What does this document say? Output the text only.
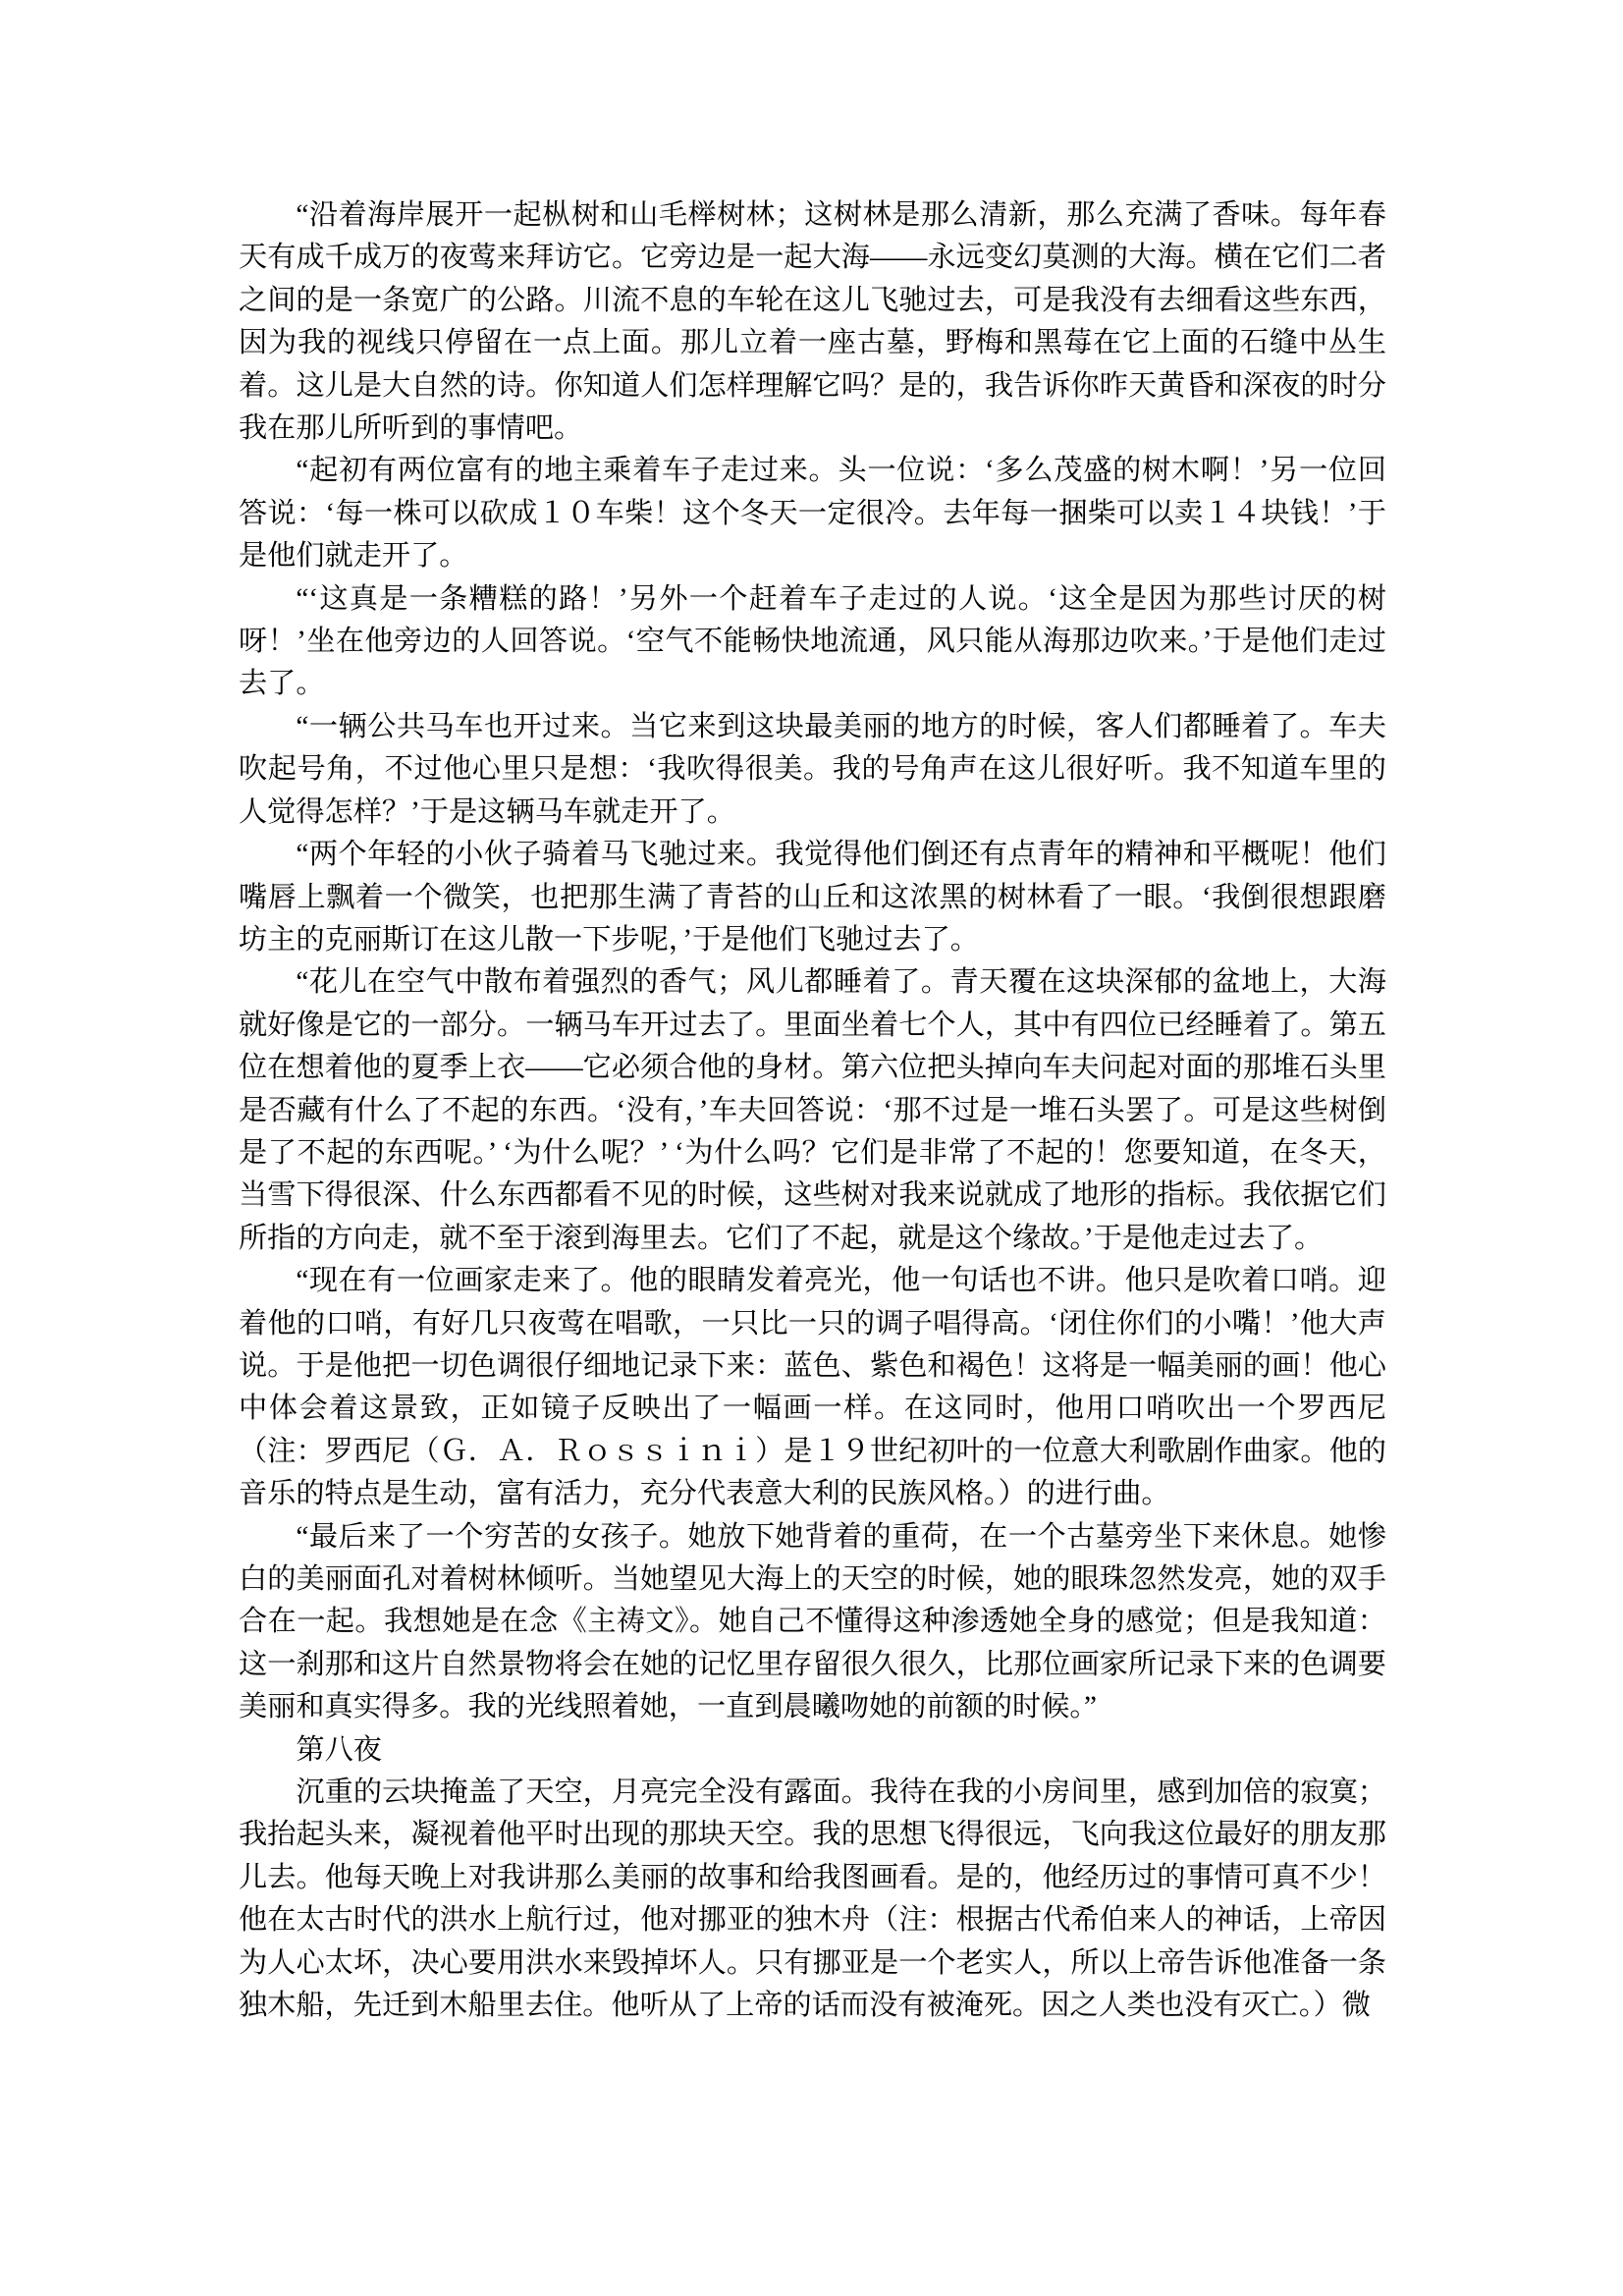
“沿着海岸展开一起枞树和山毛榉树林；这树林是那么清新，那么充满了香味。每年春天有成千成万的夜莺来拜访它。它旁边是一起大海——永远变幻莫测的大海。横在它们二者之间的是一条宽广的公路。川流不息的车轮在这儿飞驰过去，可是我没有去细看这些东西，因为我的视线只停留在一点上面。那儿立着一座古墓，野梅和黑莓在它上面的石缝中丛生着。这儿是大自然的诗。你知道人们怎样理解它吗？是的，我告诉你昨天黄昏和深夜的时分我在那儿所听到的事情吧。

“起初有两位富有的地主乘着车子走过来。头一位说：‘多么茂盛的树木啊！’另一位回答说：‘每一株可以砍成１０车柴！这个冬天一定很冷。去年每一捆柴可以卖１４块钱！’于是他们就走开了。

“‘这真是一条糟糕的路！’另外一个赶着车子走过的人说。‘这全是因为那些讨厌的树呀！’坐在他旁边的人回答说。‘空气不能畅快地流通，风只能从海那边吹来。’于是他们走过去了。

“一辆公共马车也开过来。当它来到这块最美丽的地方的时候，客人们都睡着了。车夫吹起号角，不过他心里只是想：‘我吹得很美。我的号角声在这儿很好听。我不知道车里的人觉得怎样？’于是这辆马车就走开了。

“两个年轻的小伙子骑着马飞驰过来。我觉得他们倒还有点青年的精神和平概呢！他们嘴唇上飘着一个微笑，也把那生满了青苔的山丘和这浓黑的树林看了一眼。‘我倒很想跟磨坊主的克丽斯订在这儿散一下步呢，’于是他们飞驰过去了。

“花儿在空气中散布着强烈的香气；风儿都睡着了。青天覆在这块深郁的盆地上，大海就好像是它的一部分。一辆马车开过去了。里面坐着七个人，其中有四位已经睡着了。第五位在想着他的夏季上衣——它必须合他的身材。第六位把头掉向车夫问起对面的那堆石头里是否藏有什么了不起的东西。‘没有，’车夫回答说：‘那不过是一堆石头罢了。可是这些树倒是了不起的东西呢。’ ‘为什么呢？’ ‘为什么吗？它们是非常了不起的！您要知道，在冬天，当雪下得很深、什么东西都看不见的时候，这些树对我来说就成了地形的指标。我依据它们所指的方向走，就不至于滚到海里去。它们了不起，就是这个缘故。’于是他走过去了。

“现在有一位画家走来了。他的眼睛发着亮光，他一句话也不讲。他只是吹着口哨。迎着他的口哨，有好几只夜莺在唱歌，一只比一只的调子唱得高。‘闭住你们的小嘴！’他大声说。于是他把一切色调很仔细地记录下来：蓝色、紫色和褐色！这将是一幅美丽的画！他心中体会着这景致，正如镜子反映出了一幅画一样。在这同时，他用口哨吹出一个罗西尼（注：罗西尼（Ｇ．Ａ．Ｒｏｓｓｉｎｉ）是１９世纪初叶的一位意大利歌剧作曲家。他的音乐的特点是生动，富有活力，充分代表意大利的民族风格。）的进行曲。

“最后来了一个穷苦的女孩子。她放下她背着的重荷，在一个古墓旁坐下来休息。她惨白的美丽面孔对着树林倾听。当她望见大海上的天空的时候，她的眼珠忽然发亮，她的双手合在一起。我想她是在念《主祷文》。她自己不懂得这种渗透她全身的感觉；但是我知道：这一刹那和这片自然景物将会在她的记忆里存留很久很久，比那位画家所记录下来的色调要美丽和真实得多。我的光线照着她，一直到晨曦吻她的前额的时候。”

第八夜

沉重的云块掩盖了天空，月亮完全没有露面。我待在我的小房间里，感到加倍的寂寞；我抬起头来，凝视着他平时出现的那块天空。我的思想飞得很远，飞向我这位最好的朋友那儿去。他每天晚上对我讲那么美丽的故事和给我图画看。是的，他经历过的事情可真不少！他在太古时代的洪水上航行过，他对挪亚的独木舟（注：根据古代希伯来人的神话，上帝因为人心太坏，决心要用洪水来毁掉坏人。只有挪亚是一个老实人，所以上帝告诉他准备一条独木船，先迁到木船里去住。他听从了上帝的话而没有被淹死。因之人类也没有灭亡。）微
